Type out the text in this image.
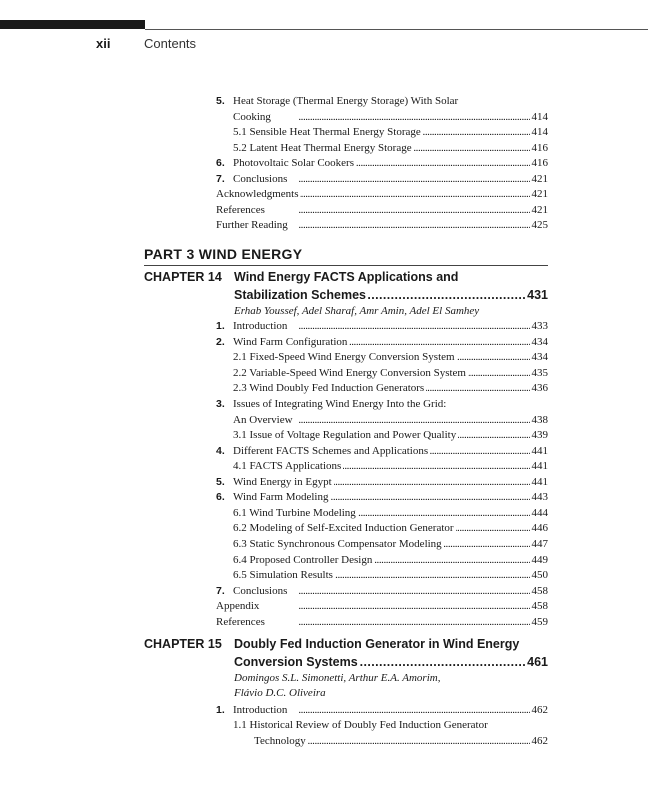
xii	Contents
5. Heat Storage (Thermal Energy Storage) With Solar
Cooking . . .	414
5.1 Sensible Heat Thermal Energy Storage . . .	414
5.2 Latent Heat Thermal Energy Storage . . .	416
6. Photovoltaic Solar Cookers . . .	416
7. Conclusions . . .	421
Acknowledgments . . .	421
References . . .	421
Further Reading . . .	425
PART 3 WIND ENERGY
CHAPTER 14 Wind Energy FACTS Applications and
Stabilization Schemes .....	431
Erhab Youssef, Adel Sharaf, Amr Amin, Adel El Samhey
1. Introduction . . .	433
2. Wind Farm Configuration . . .	434
2.1 Fixed-Speed Wind Energy Conversion System . . .	434
2.2 Variable-Speed Wind Energy Conversion System . . .	435
2.3 Wind Doubly Fed Induction Generators . . .	436
3. Issues of Integrating Wind Energy Into the Grid:
An Overview . . .	438
3.1 Issue of Voltage Regulation and Power Quality . . .	439
4. Different FACTS Schemes and Applications . . .	441
4.1 FACTS Applications . . .	441
5. Wind Energy in Egypt . . .	441
6. Wind Farm Modeling . . .	443
6.1 Wind Turbine Modeling . . .	444
6.2 Modeling of Self-Excited Induction Generator . . .	446
6.3 Static Synchronous Compensator Modeling . . .	447
6.4 Proposed Controller Design . . .	449
6.5 Simulation Results . . .	450
7. Conclusions . . .	458
Appendix . . .	458
References . . .	459
CHAPTER 15 Doubly Fed Induction Generator in Wind Energy
Conversion Systems .....	461
Domingos S.L. Simonetti, Arthur E.A. Amorim,
Flávio D.C. Oliveira
1. Introduction . . .	462
1.1 Historical Review of Doubly Fed Induction Generator
Technology . . .	462
